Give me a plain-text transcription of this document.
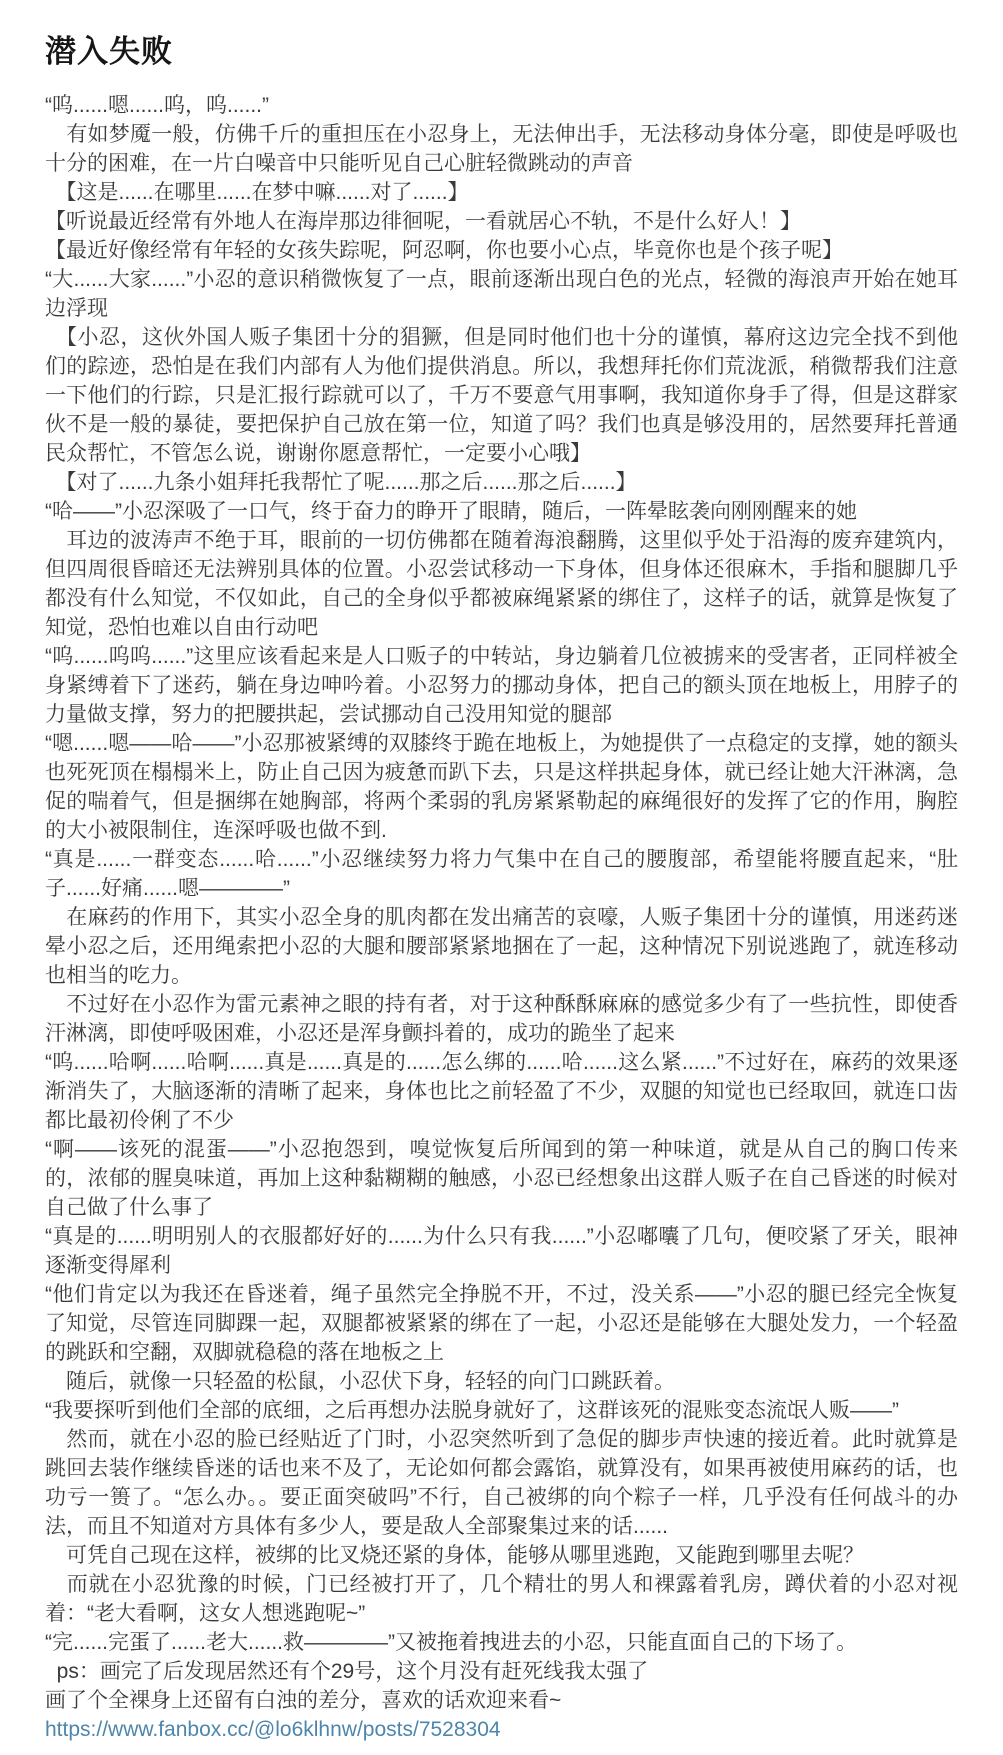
潜入失败

“呜......嗯......呜，呜......”

　有如梦魇一般，仿佛千斤的重担压在小忍身上，无法伸出手，无法移动身体分毫，即使是呼吸也十分的困难，在一片白噪音中只能听见自己心脏轻微跳动的声音

　【这是......在哪里......在梦中嘛......对了......】

【听说最近经常有外地人在海岸那边徘徊呢，一看就居心不轨，不是什么好人！】

【最近好像经常有年轻的女孩失踪呢，阿忍啊，你也要小心点，毕竟你也是个孩子呢】

“大......大家......”小忍的意识稍微恢复了一点，眼前逐渐出现白色的光点，轻微的海浪声开始在她耳边浮现

　【小忍，这伙外国人贩子集团十分的猖獗，但是同时他们也十分的谨慎，幕府这边完全找不到他们的踪迹，恐怕是在我们内部有人为他们提供消息。所以，我想拜托你们荒泷派，稍微帮我们注意一下他们的行踪，只是汇报行踪就可以了，千万不要意气用事啊，我知道你身手了得，但是这群家伙不是一般的暴徒，要把保护自己放在第一位，知道了吗？我们也真是够没用的，居然要拜托普通民众帮忙，不管怎么说，谢谢你愿意帮忙，一定要小心哦】

　【对了......九条小姐拜托我帮忙了呢......那之后......那之后......】

“哈——”小忍深吸了一口气，终于奋力的睁开了眼睛，随后，一阵晕眩袭向刚刚醒来的她

　耳边的波涛声不绝于耳，眼前的一切仿佛都在随着海浪翻腾，这里似乎处于沿海的废弃建筑内，但四周很昏暗还无法辨别具体的位置。小忍尝试移动一下身体，但身体还很麻木，手指和腿脚几乎都没有什么知觉，不仅如此，自己的全身似乎都被麻绳紧紧的绑住了，这样子的话，就算是恢复了知觉，恐怕也难以自由行动吧

“呜......呜呜......”这里应该看起来是人口贩子的中转站，身边躺着几位被掳来的受害者，正同样被全身紧缚着下了迷药，躺在身边呻吟着。小忍努力的挪动身体，把自己的额头顶在地板上，用脖子的力量做支撑，努力的把腰拱起，尝试挪动自己没用知觉的腿部

“嗯......嗯——哈——”小忍那被紧缚的双膝终于跪在地板上，为她提供了一点稳定的支撑，她的额头也死死顶在榻榻米上，防止自己因为疲惫而趴下去，只是这样拱起身体，就已经让她大汗淋漓，急促的喘着气，但是捆绑在她胸部，将两个柔弱的乳房紧紧勒起的麻绳很好的发挥了它的作用，胸腔的大小被限制住，连深呼吸也做不到.

“真是......一群变态......哈......”小忍继续努力将力气集中在自己的腰腹部，希望能将腰直起来，“肚子......好痛......嗯————”

　在麻药的作用下，其实小忍全身的肌肉都在发出痛苦的哀嚎，人贩子集团十分的谨慎，用迷药迷晕小忍之后，还用绳索把小忍的大腿和腰部紧紧地捆在了一起，这种情况下别说逃跑了，就连移动也相当的吃力。

　不过好在小忍作为雷元素神之眼的持有者，对于这种酥酥麻麻的感觉多少有了一些抗性，即使香汗淋漓，即使呼吸困难，小忍还是浑身颤抖着的，成功的跪坐了起来

“呜......哈啊......哈啊......真是......真是的......怎么绑的......哈......这么紧......”不过好在，麻药的效果逐渐消失了，大脑逐渐的清晰了起来，身体也比之前轻盈了不少，双腿的知觉也已经取回，就连口齿都比最初伶俐了不少

“啊——该死的混蛋——”小忍抱怨到，嗅觉恢复后所闻到的第一种味道，就是从自己的胸口传来的，浓郁的腥臭味道，再加上这种黏糊糊的触感，小忍已经想象出这群人贩子在自己昏迷的时候对自己做了什么事了

“真是的......明明别人的衣服都好好的......为什么只有我......”小忍嘟囔了几句，便咬紧了牙关，眼神逐渐变得犀利

“他们肯定以为我还在昏迷着，绳子虽然完全挣脱不开，不过，没关系——”小忍的腿已经完全恢复了知觉，尽管连同脚踝一起，双腿都被紧紧的绑在了一起，小忍还是能够在大腿处发力，一个轻盈的跳跃和空翻，双脚就稳稳的落在地板之上

　随后，就像一只轻盈的松鼠，小忍伏下身，轻轻的向门口跳跃着。

“我要探听到他们全部的底细，之后再想办法脱身就好了，这群该死的混账变态流氓人贩——”

　然而，就在小忍的脸已经贴近了门时，小忍突然听到了急促的脚步声快速的接近着。此时就算是跳回去装作继续昏迷的话也来不及了，无论如何都会露馅，就算没有，如果再被使用麻药的话，也功亏一篑了。“怎么办。。要正面突破吗”不行，自己被绑的向个粽子一样，几乎没有任何战斗的办法，而且不知道对方具体有多少人，要是敌人全部聚集过来的话......

　可凭自己现在这样，被绑的比叉烧还紧的身体，能够从哪里逃跑，又能跑到哪里去呢？

　而就在小忍犹豫的时候，门已经被打开了，几个精壮的男人和裸露着乳房，蹲伏着的小忍对视着：“老大看啊，这女人想逃跑呢~”

“完......完蛋了......老大......救————”又被拖着拽进去的小忍，只能直面自己的下场了。

ps：画完了后发现居然还有个29号，这个月没有赶死线我太强了

画了个全裸身上还留有白浊的差分，喜欢的话欢迎来看~

https://www.fanbox.cc/@lo6klhnw/posts/7528304
